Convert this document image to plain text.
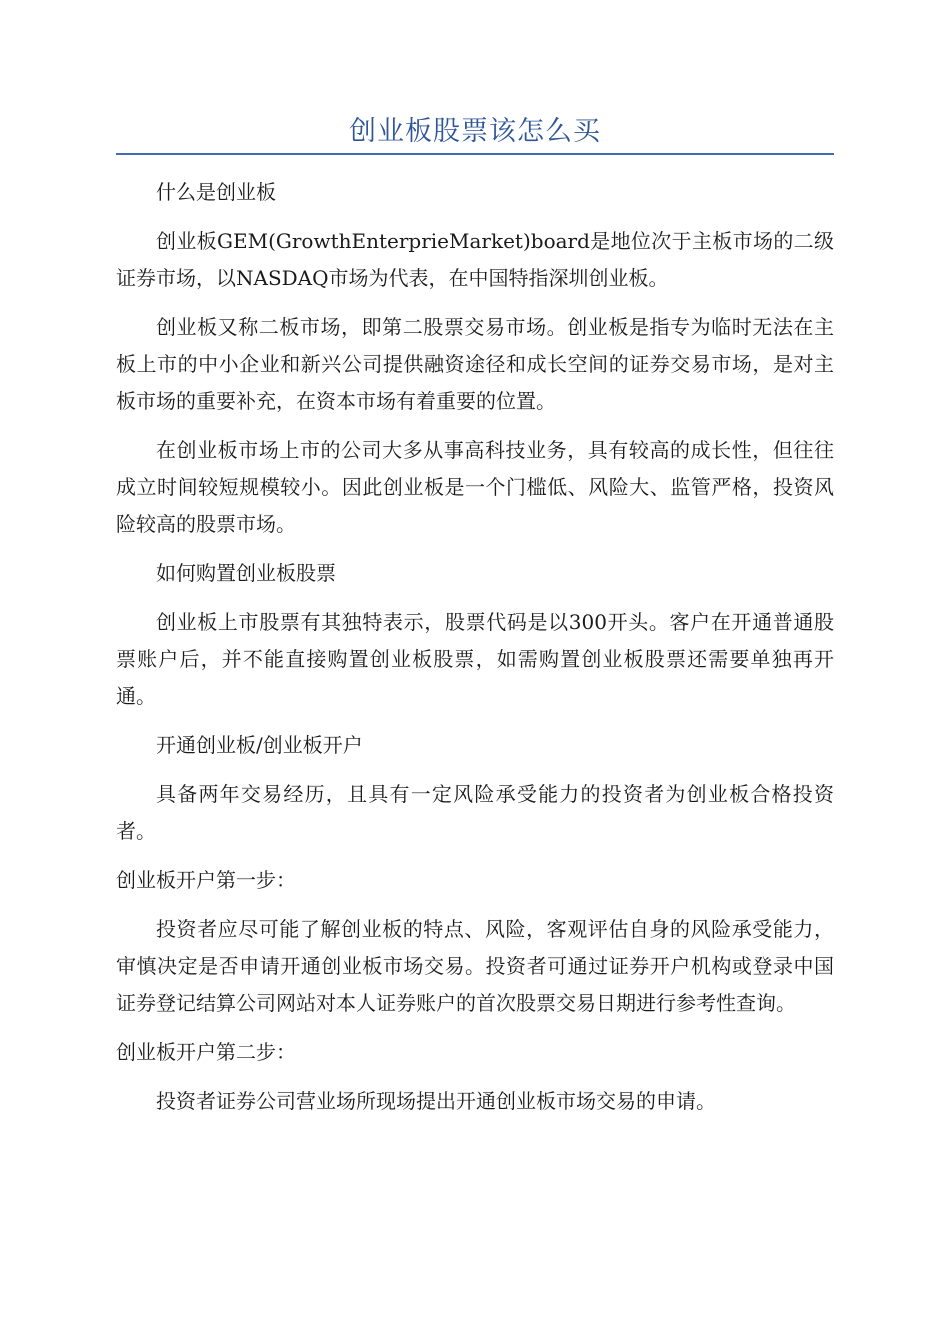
创业板股票该怎么买

什么是创业板

创业板GEM(GrowthEnterprieMarket)board是地位次于主板市场的二级证券市场，以NASDAQ市场为代表，在中国特指深圳创业板。

创业板又称二板市场，即第二股票交易市场。创业板是指专为临时无法在主板上市的中小企业和新兴公司提供融资途径和成长空间的证券交易市场，是对主板市场的重要补充，在资本市场有着重要的位置。

在创业板市场上市的公司大多从事高科技业务，具有较高的成长性，但往往成立时间较短规模较小。因此创业板是一个门槛低、风险大、监管严格，投资风险较高的股票市场。

如何购置创业板股票

创业板上市股票有其独特表示，股票代码是以300开头。客户在开通普通股票账户后，并不能直接购置创业板股票，如需购置创业板股票还需要单独再开通。

开通创业板/创业板开户

具备两年交易经历，且具有一定风险承受能力的投资者为创业板合格投资者。

创业板开户第一步：

投资者应尽可能了解创业板的特点、风险，客观评估自身的风险承受能力，审慎决定是否申请开通创业板市场交易。投资者可通过证券开户机构或登录中国证券登记结算公司网站对本人证券账户的首次股票交易日期进行参考性查询。

创业板开户第二步：

投资者证券公司营业场所现场提出开通创业板市场交易的申请。
